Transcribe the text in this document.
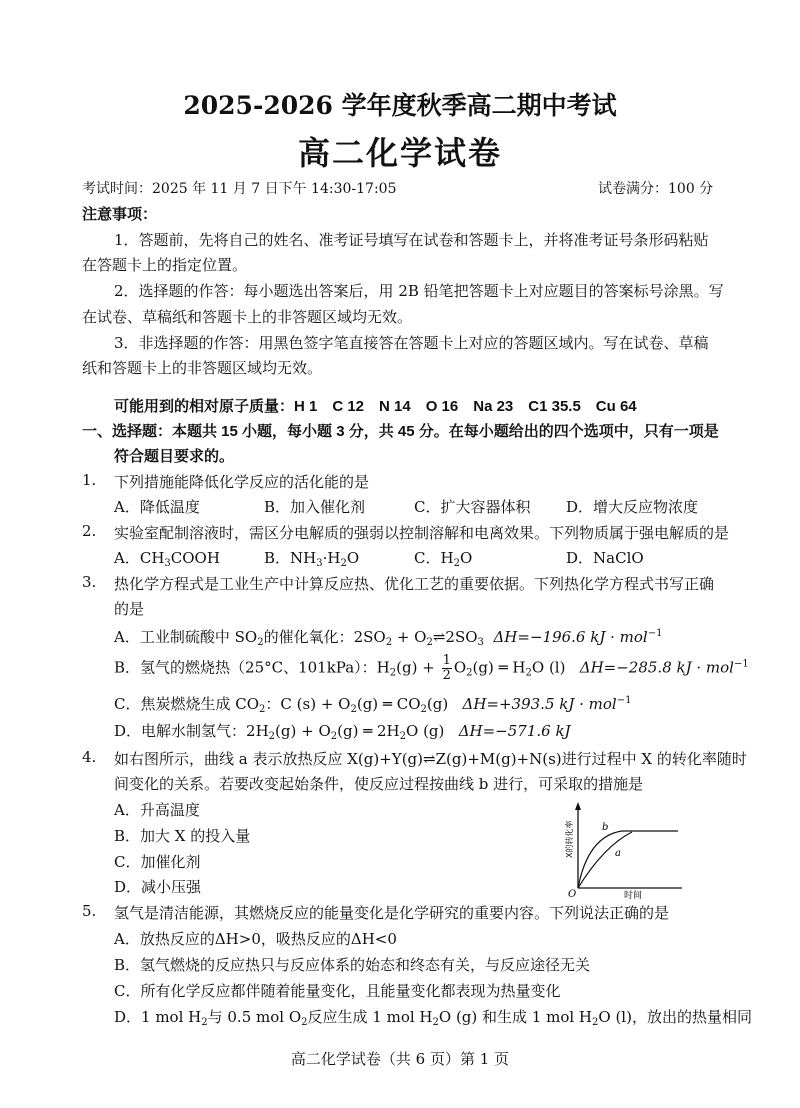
2025-2026 学年度秋季高二期中考试
高二化学试卷
考试时间：2025 年 11 月 7 日下午 14:30-17:05	试卷满分：100 分
注意事项：
1．答题前，先将自己的姓名、准考证号填写在试卷和答题卡上，并将准考证号条形码粘贴
在答题卡上的指定位置。
2．选择题的作答：每小题选出答案后，用 2B 铅笔把答题卡上对应题目的答案标号涂黑。写
在试卷、草稿纸和答题卡上的非答题区域均无效。
3．非选择题的作答：用黑色签字笔直接答在答题卡上对应的答题区域内。写在试卷、草稿
纸和答题卡上的非答题区域均无效。
可能用到的相对原子质量：H 1　C 12　N 14　O 16　Na 23　C1 35.5　Cu 64
一、选择题：本题共 15 小题，每小题 3 分，共 45 分。在每小题给出的四个选项中，只有一项是
符合题目要求的。
1. 下列措施能降低化学反应的活化能的是
A．降低温度	B．加入催化剂	C．扩大容器体积 D．增大反应物浓度
2. 实验室配制溶液时，需区分电解质的强弱以控制溶解和电离效果。下列物质属于强电解质的是
A．$CH_3COOH$	B．$NH_3\cdot H_2O$	C．$H_2O$	D．NaClO
3. 热化学方程式是工业生产中计算反应热、优化工艺的重要依据。下列热化学方程式书写正确
的是
A．工业制硫酸中 $SO_2$的催化氧化：$2SO_2$ + $O_2\rightleftharpoons 2SO_3$ ΔH=−196.6 kJ · mol$^{-1}$
B．氢气的燃烧热（25°C、101kPa）：$H_2(g) + \frac{1}{2} O_2(g)$ ═ $H_2O$ (l)   ΔH=−285.8 kJ · mol$^{-1}$
C．焦炭燃烧生成 $CO_2$：C $(s) + O_2(g)$ ═ $CO_2(g)$   ΔH=+393.5 kJ · mol$^{-1}$
D．电解水制氢气：$2H_2(g) + O_2(g)$ ═ $2H_2O$ (g)   ΔH=−571.6 kJ
4. 如右图所示，曲线 a 表示放热反应 X(g)+Y(g)⇌Z(g)+M(g)+N(s)进行过程中 X 的转化率随时
间变化的关系。若要改变起始条件，使反应过程按曲线 b 进行，可采取的措施是
A．升高温度
B．加大 X 的投入量
C．加催化剂
D．减小压强
b
a
O	时间
X的转化率
5. 氢气是清洁能源，其燃烧反应的能量变化是化学研究的重要内容。下列说法正确的是
A．放热反应的ΔH>0，吸热反应的ΔH<0
B．氢气燃烧的反应热只与反应体系的始态和终态有关，与反应途径无关
C．所有化学反应都伴随着能量变化，且能量变化都表现为热量变化
D．1 mol $H_2$与 0.5 mol $O_2$反应生成 1 mol $H_2O$ (g) 和生成 1 mol $H_2O$ (l)，放出的热量相同
高二化学试卷（共 6 页）第 1 页
